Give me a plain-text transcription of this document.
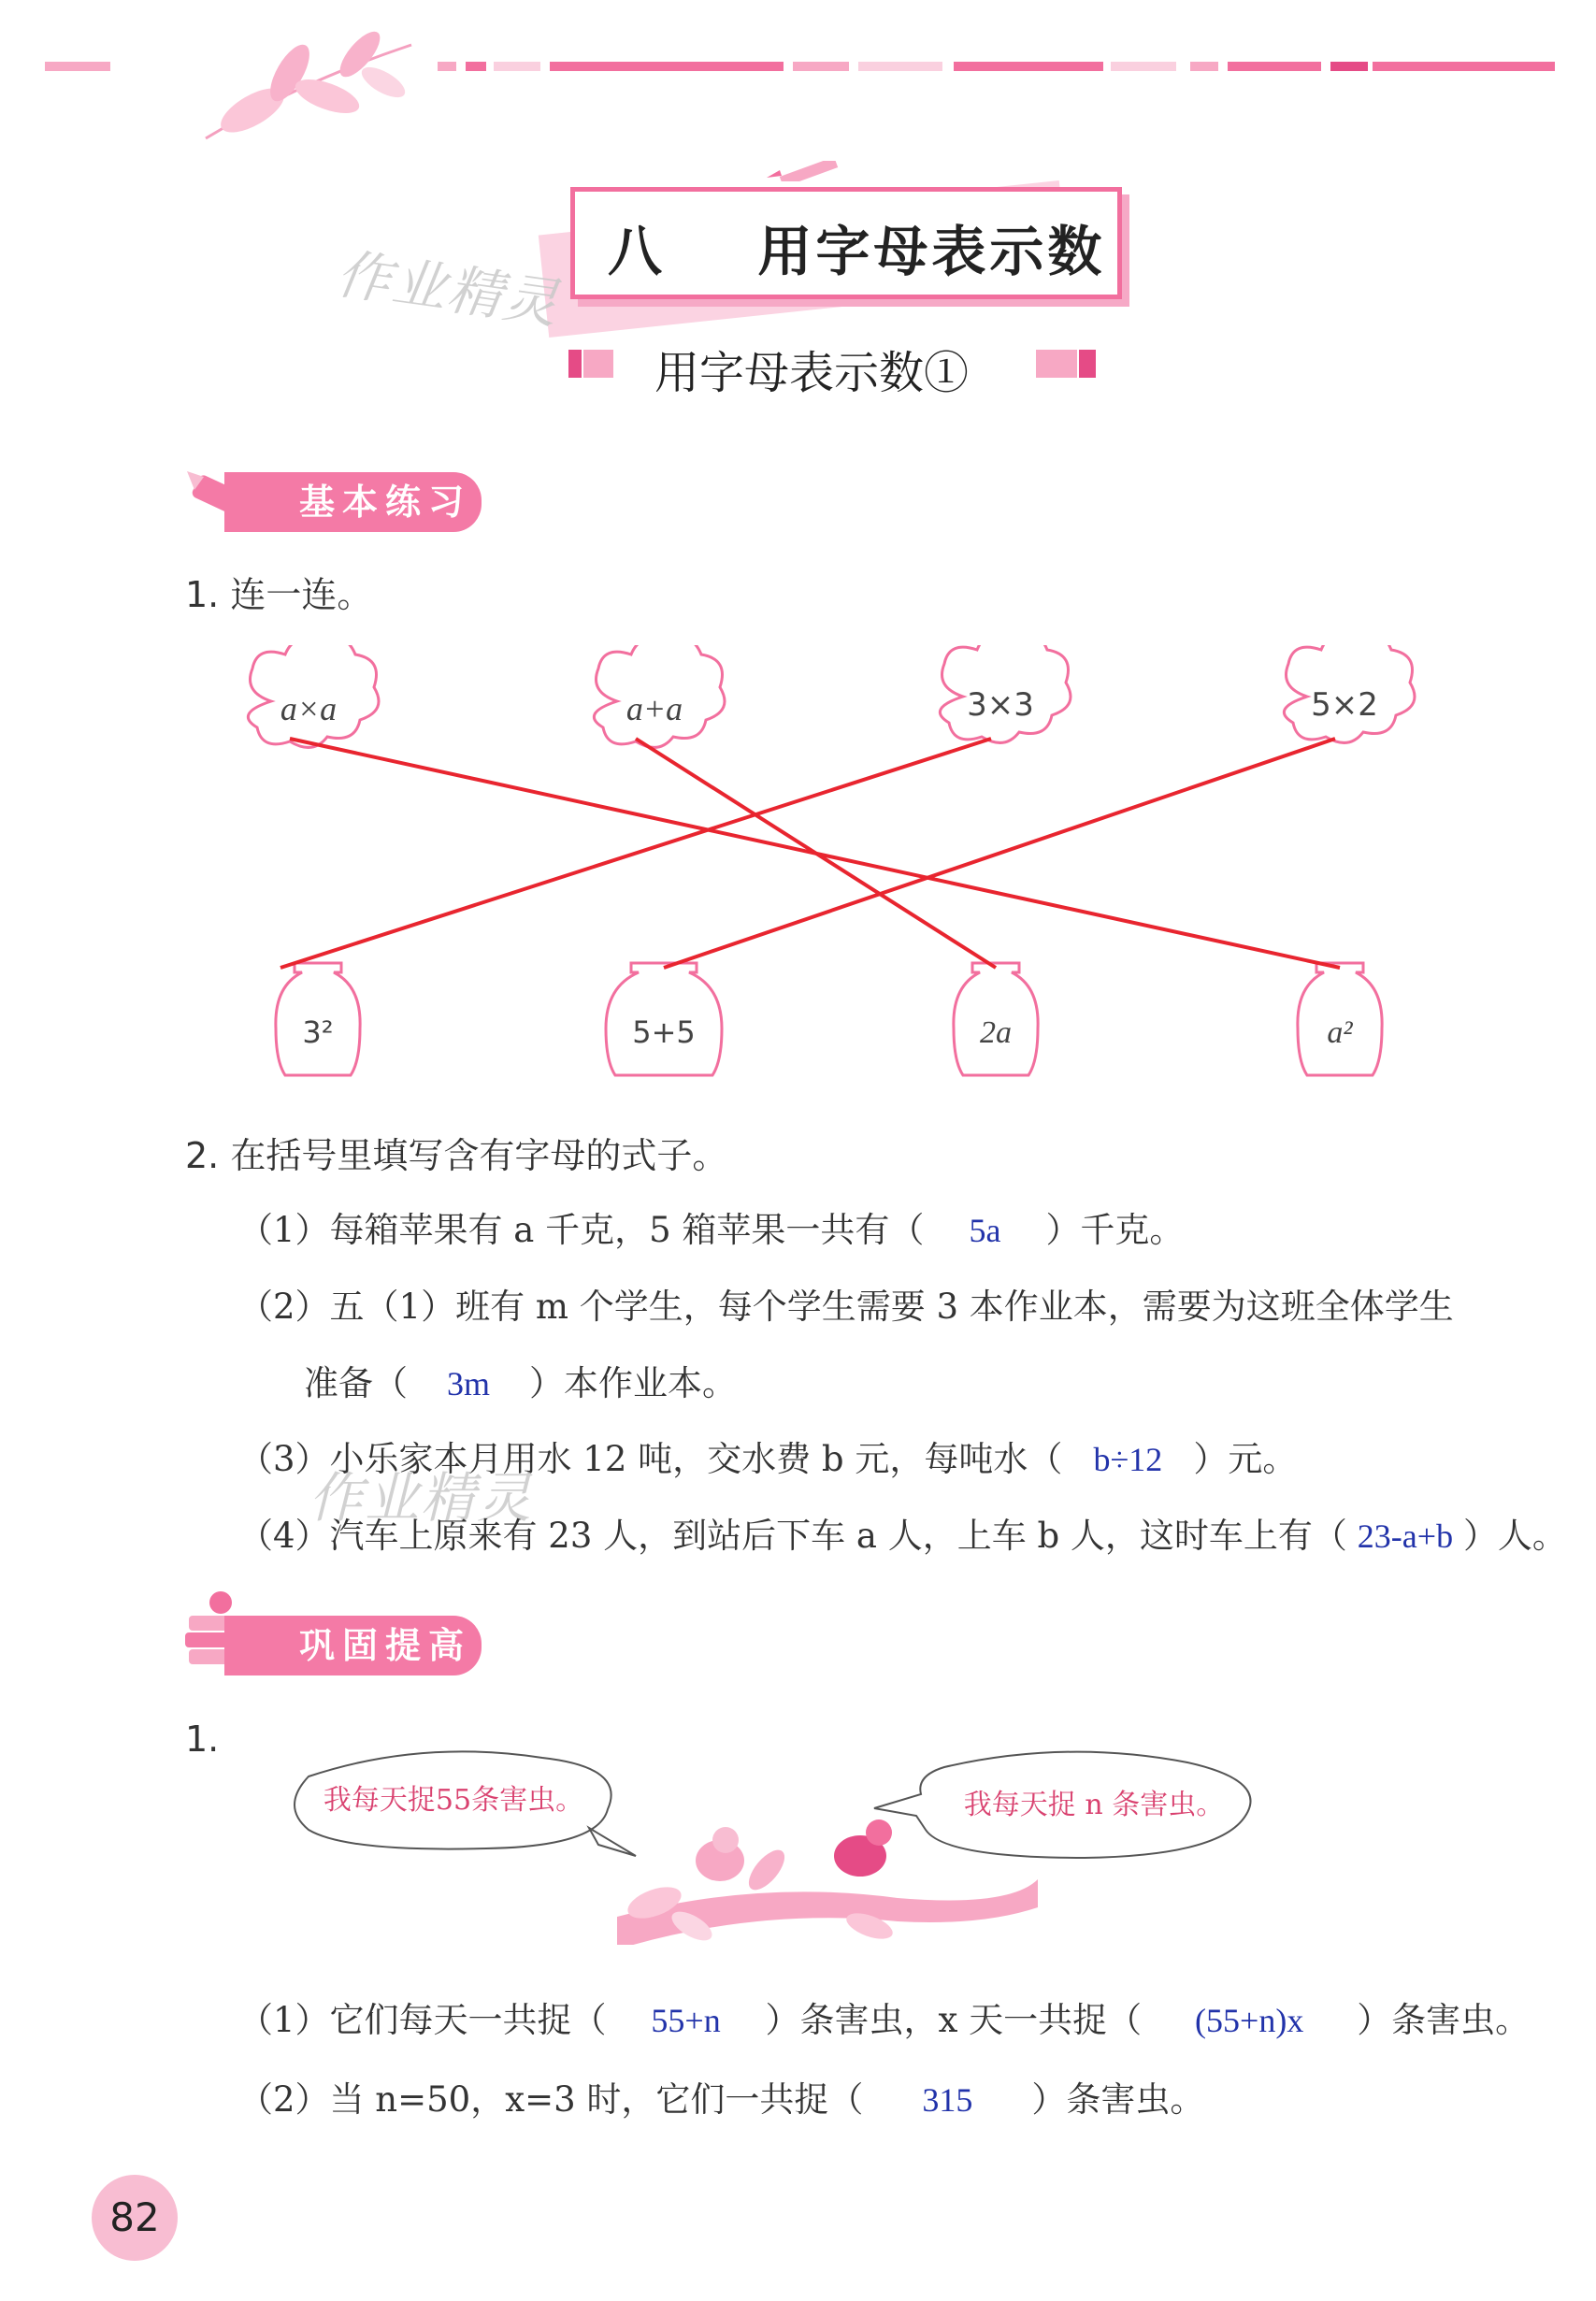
八 用字母表示数
作业精灵
用字母表示数①
基本练习
1. 连一连。
a×a	a+a	3×3	5×2
3²	5+5	2a	a²
2. 在括号里填写含有字母的式子。
（1）每箱苹果有 a 千克，5 箱苹果一共有（ 5a ）千克。
（2）五（1）班有 m 个学生，每个学生需要 3 本作业本，需要为这班全体学生
准备（ 3m ）本作业本。
（3）小乐家本月用水 12 吨，交水费 b 元，每吨水（ b÷12 ）元。
作业精灵
（4）汽车上原来有 23 人，到站后下车 a 人，上车 b 人，这时车上有（ 23-a+b ）人。
巩固提高
1.
我每天捉55条害虫。	我每天捉 n 条害虫。
（1）它们每天一共捉（ 55+n ）条害虫，x 天一共捉（ (55+n)x ）条害虫。
（2）当 n=50，x=3 时，它们一共捉（ 315 ）条害虫。
82
